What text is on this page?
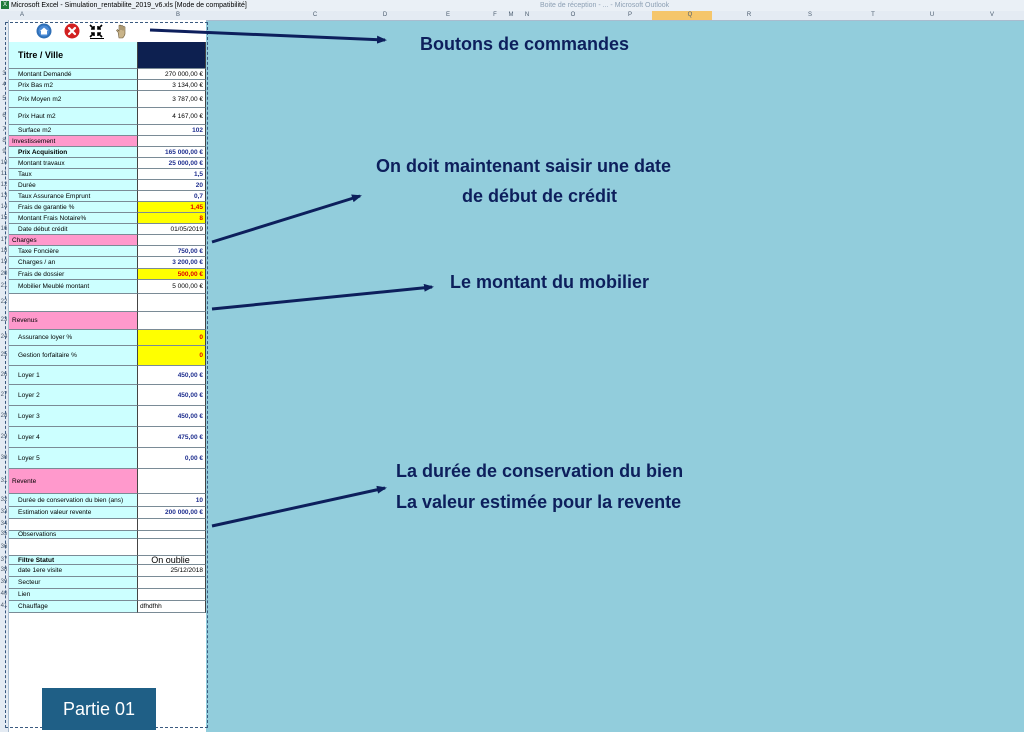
X Microsoft Excel - Simulation_rentabilite_2019_v6.xls [Mode de compatibilité]	Boite de réception - ... - Microsoft Outlook
A	B	C	D	E	F	M	N	O	P	Q	R	S	T	U	V
3
4
5
6
7
8
9
10
11
12
13
14
15
16
17
18
19
20
21
22
23
24
25
26
27
28
29
30
31
32
33
34
35
36
37
38
39
40
41
Titre / Ville
Montant Demandé	270 000,00 €
Prix Bas m2	3 134,00 €
Prix Moyen m2	3 787,00 €
Prix Haut m2	4 167,00 €
Surface m2	102
Investissement
Prix Acquisition	165 000,00 €
Montant travaux	25 000,00 €
Taux	1,5
Durée	20
Taux Assurance Emprunt	0,7
Frais de garantie %	1,45
Montant Frais Notaire%	8
Date début crédit	01/05/2019
Charges
Taxe Foncière	750,00 €
Charges / an	3 200,00 €
Frais de dossier	500,00 €
Mobilier Meublé montant	5 000,00 €
Revenus
Assurance loyer %	0
Gestion forfaitaire %	0
Loyer 1	450,00 €
Loyer 2	450,00 €
Loyer 3	450,00 €
Loyer 4	475,00 €
Loyer 5	0,00 €
Revente
Durée de conservation du bien (ans)	10
Estimation valeur revente	200 000,00 €
Observations
Filtre Statut	On oublie
date 1ere visite	25/12/2018
Secteur
Lien
Chauffage	dfhdfhh
Boutons de commandes
On doit maintenant saisir une date
de début de crédit
Le montant du mobilier
La durée de conservation du bien
La valeur estimée pour la revente
Partie 01
